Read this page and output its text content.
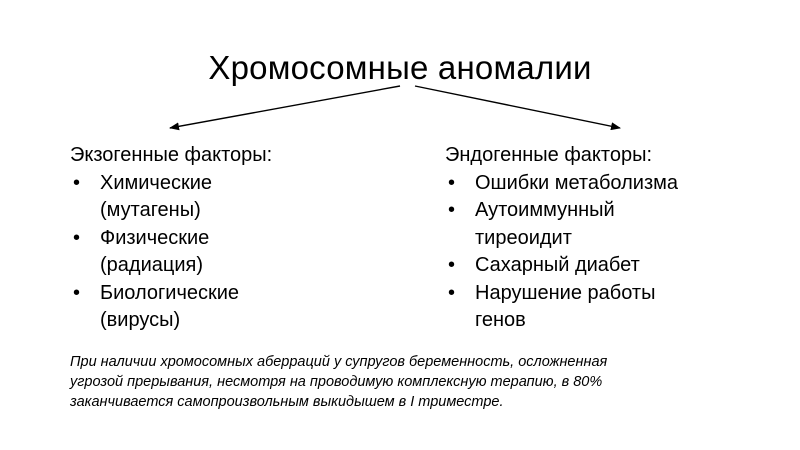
Хромосомные аномалии
Экзогенные факторы:
• Химические
(мутагены)
• Физические
(радиация)
• Биологические
(вирусы)
Эндогенные факторы:
• Ошибки метаболизма
• Аутоиммунный
тиреоидит
• Сахарный диабет
• Нарушение работы
генов
При наличии хромосомных аберраций у супругов беременность, осложненная
угрозой прерывания, несмотря на проводимую комплексную терапию, в 80%
заканчивается самопроизвольным выкидышем в I триместре.
